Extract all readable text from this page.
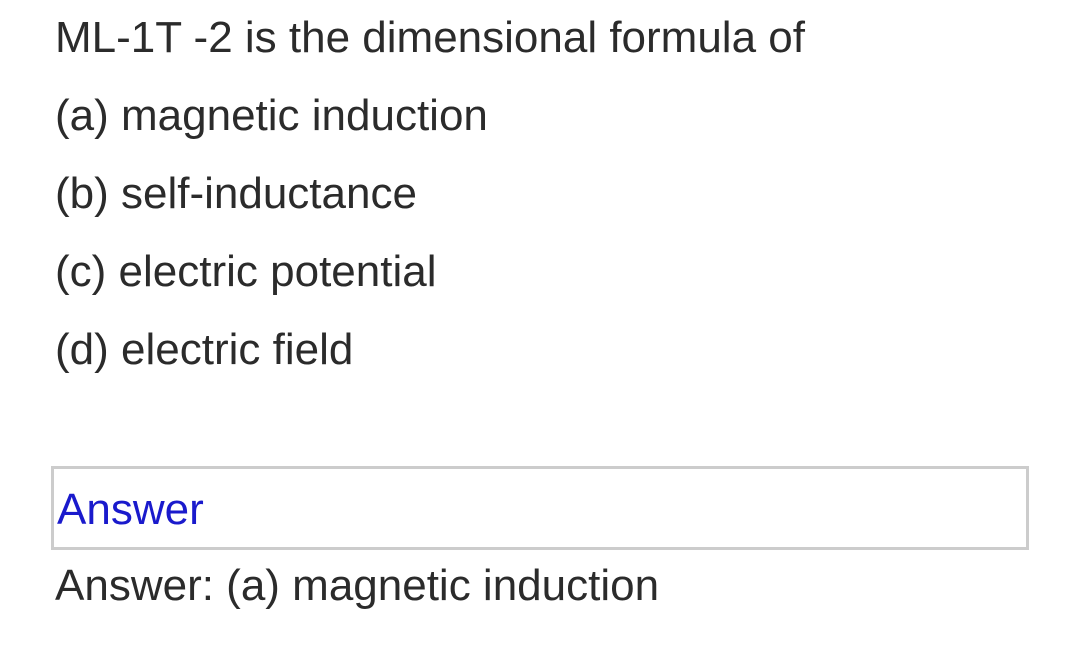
ML-1T -2 is the dimensional formula of

(a) magnetic induction
(b) self-inductance
(c) electric potential
(d) electric field
Answer

Answer: (a) magnetic induction
